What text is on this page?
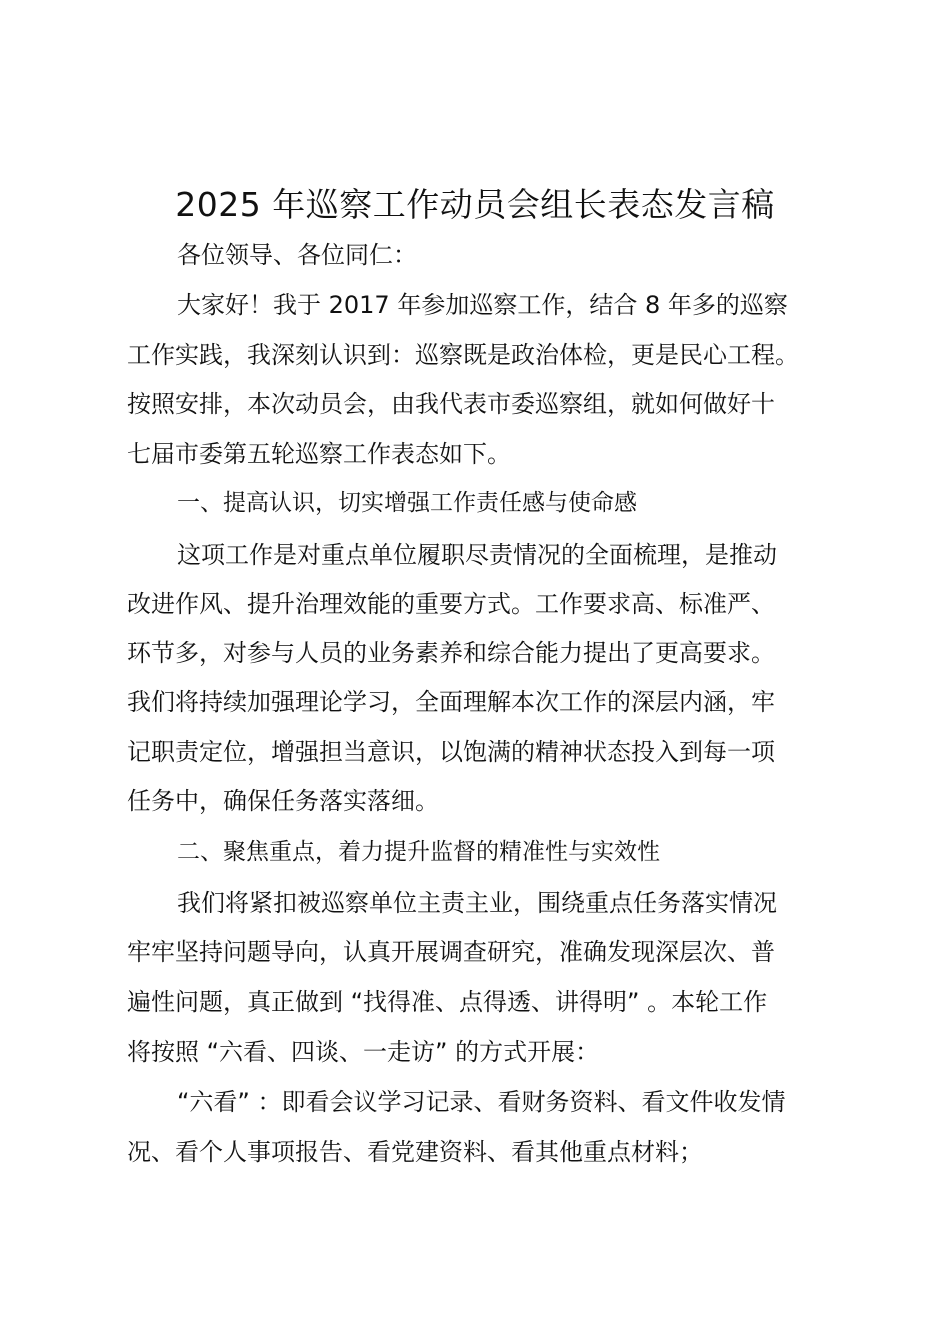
2025 年巡察工作动员会组长表态发言稿
各位领导、各位同仁：
大家好！我于 2017 年参加巡察工作，结合 8 年多的巡察
工作实践，我深刻认识到：巡察既是政治体检，更是民心工程。
按照安排，本次动员会，由我代表市委巡察组，就如何做好十
七届市委第五轮巡察工作表态如下。
一、提高认识，切实增强工作责任感与使命感
这项工作是对重点单位履职尽责情况的全面梳理，是推动
改进作风、提升治理效能的重要方式。工作要求高、标准严、
环节多，对参与人员的业务素养和综合能力提出了更高要求。
我们将持续加强理论学习，全面理解本次工作的深层内涵，牢
记职责定位，增强担当意识，以饱满的精神状态投入到每一项
任务中，确保任务落实落细。
二、聚焦重点，着力提升监督的精准性与实效性
我们将紧扣被巡察单位主责主业，围绕重点任务落实情况
牢牢坚持问题导向，认真开展调查研究，准确发现深层次、普
遍性问题，真正做到 “找得准、点得透、讲得明” 。本轮工作
将按照 “六看、四谈、一走访” 的方式开展：
“六看” ：即看会议学习记录、看财务资料、看文件收发情
况、看个人事项报告、看党建资料、看其他重点材料；
